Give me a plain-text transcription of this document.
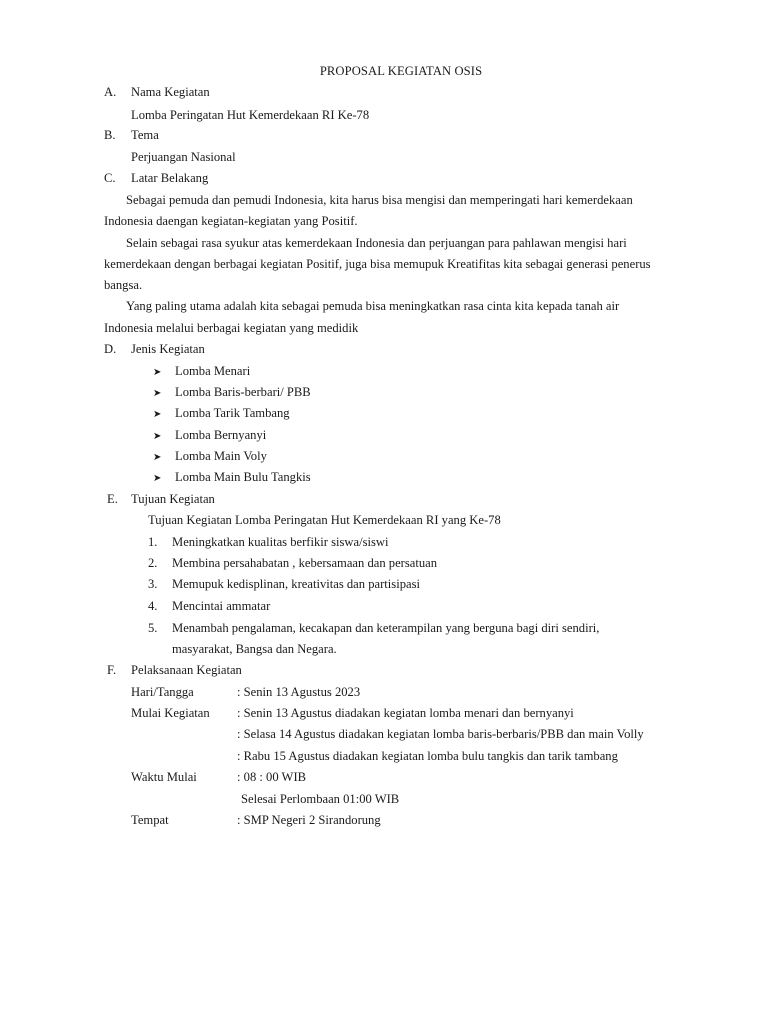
PROPOSAL KEGIATAN OSIS
A. Nama Kegiatan
Lomba Peringatan Hut Kemerdekaan RI Ke-78
B. Tema
Perjuangan Nasional
C. Latar Belakang
Sebagai pemuda dan pemudi Indonesia, kita harus bisa mengisi dan memperingati hari kemerdekaan
Indonesia daengan kegiatan-kegiatan yang Positif.
Selain sebagai rasa syukur atas kemerdekaan Indonesia dan perjuangan para pahlawan mengisi hari
kemerdekaan dengan berbagai kegiatan Positif, juga bisa memupuk Kreatifitas kita sebagai generasi penerus
bangsa.
Yang paling utama adalah kita sebagai pemuda bisa meningkatkan rasa cinta kita kepada tanah air
Indonesia melalui berbagai kegiatan yang medidik
D. Jenis Kegiatan
➤ Lomba Menari
➤ Lomba Baris-berbari/ PBB
➤ Lomba Tarik Tambang
➤ Lomba Bernyanyi
➤ Lomba Main Voly
➤ Lomba Main Bulu Tangkis
E. Tujuan Kegiatan
Tujuan Kegiatan Lomba Peringatan Hut Kemerdekaan RI yang Ke-78
1. Meningkatkan kualitas berfikir siswa/siswi
2. Membina persahabatan , kebersamaan dan persatuan
3. Memupuk kedisplinan, kreativitas dan partisipasi
4. Mencintai ammatar
5. Menambah pengalaman, kecakapan dan keterampilan yang berguna bagi diri sendiri,
masyarakat, Bangsa dan Negara.
F. Pelaksanaan Kegiatan
Hari/Tangga	: Senin 13 Agustus 2023
Mulai Kegiatan : Senin 13 Agustus diadakan kegiatan lomba menari dan bernyanyi
: Selasa 14 Agustus diadakan kegiatan lomba baris-berbaris/PBB dan main Volly
: Rabu 15 Agustus diadakan kegiatan lomba bulu tangkis dan tarik tambang
Waktu Mulai	: 08 : 00 WIB
Selesai Perlombaan 01:00 WIB
Tempat	: SMP Negeri 2 Sirandorung
